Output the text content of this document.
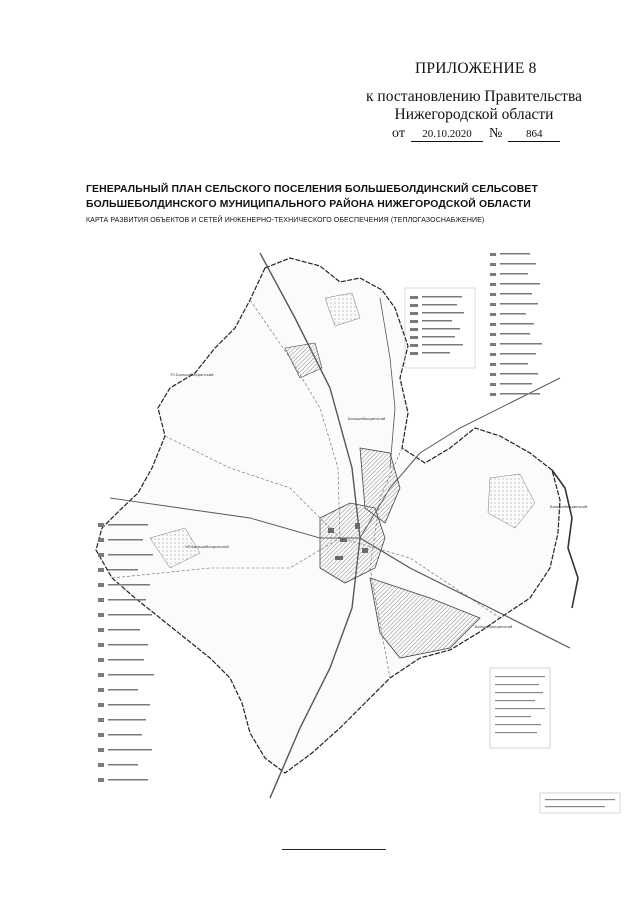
ПРИЛОЖЕНИЕ 8
к постановлению Правительства
Нижегородской области
от 20.10.2020 № 864
ГЕНЕРАЛЬНЫЙ ПЛАН СЕЛЬСКОГО ПОСЕЛЕНИЯ БОЛЬШЕБОЛДИНСКИЙ СЕЛЬСОВЕТ
БОЛЬШЕБОЛДИНСКОГО МУНИЦИПАЛЬНОГО РАЙОНА НИЖЕГОРОДСКОЙ ОБЛАСТИ
КАРТА РАЗВИТИЯ ОБЪЕКТОВ И СЕТЕЙ ИНЖЕНЕРНО-ТЕХНИЧЕСКОГО ОБЕСПЕЧЕНИЯ (ТЕПЛОГАЗОСНАБЖЕНИЕ)
ТО Большеболдинский
Большеболдинский
НП Большеболдинский
Большеболдинский
Большеболдинский
